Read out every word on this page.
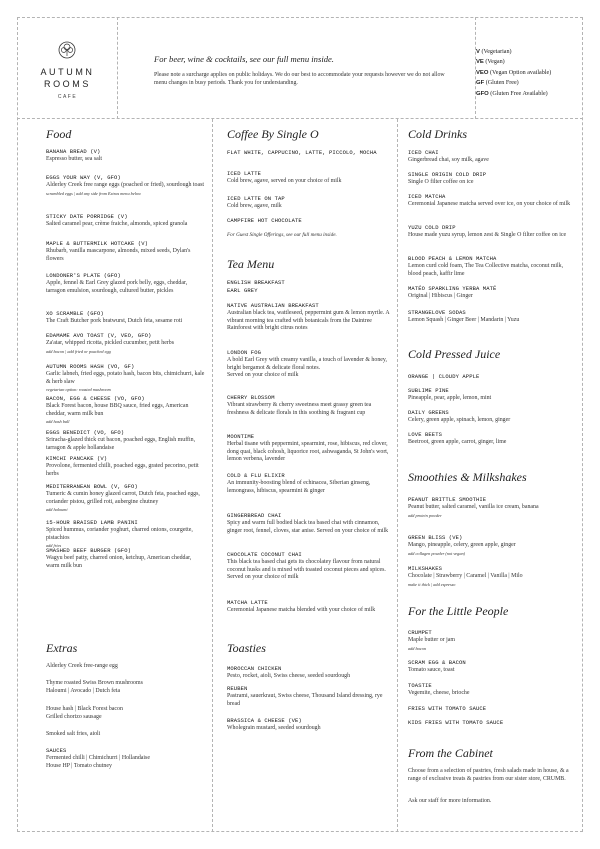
AUTUMN
ROOMS
CAFE
For beer, wine & cocktails, see our full menu inside.
Please note a surcharge applies on public holidays. We do our best to accommodate your requests however we do not allow menu changes in busy periods. Thank you for understanding.
V (Vegetarian)
VE (Vegan)
VEO (Vegan Option available)
GF (Gluten Free)
GFO (Gluten Free Available)
Food
BANANA BREAD (V)
Espresso butter, sea salt
EGGS YOUR WAY (V, GFO)
Alderley Creek free range eggs (poached or fried), sourdough toast
scrambled eggs | add any side from Extras menu below
STICKY DATE PORRIDGE (V)
Salted caramel pear, crème fraiche, almonds, spiced granola
MAPLE & BUTTERMILK HOTCAKE (V)
Rhubarb, vanilla mascarpone, almonds, mixed seeds, Dylan's flowers
LONDONER'S PLATE (GFO)
Apple, fennel & Earl Grey glazed pork belly, eggs, cheddar, tarragon emulsion, sourdough, cultured butter, pickles
XO SCRAMBLE (GFO)
The Craft Butcher pork bratwurst, Dutch feta, sesame roti
EDAMAME AVO TOAST (V, VEO, GFO)
Za'atar, whipped ricotta, pickled cucumber, petit herbs
add bacon | add fried or poached egg
AUTUMN ROOMS HASH (VO, GF)
Garlic labneh, fried eggs, potato hash, bacon bits, chimichurri, kale & herb slaw
vegetarian option: roasted mushroom
BACON, EGG & CHEESE (VO, GFO)
Black Forest bacon, house BBQ sauce, fried eggs, American cheddar, warm milk bun
add hash ball
EGGS BENEDICT (VO, GFO)
Sriracha-glazed thick cut bacon, poached eggs, English muffin, tarragon & apple hollandaise
KIMCHI PANCAKE (V)
Provolone, fermented chilli, poached eggs, grated pecorino, petit herbs
MEDITERRANEAN BOWL (V, GFO)
Tumeric & cumin honey glazed carrot, Dutch feta, poached eggs, coriander pistou, grilled roti, aubergine chutney
add haloumi
15-HOUR BRAISED LAMB PANINI
Spiced hummus, coriander yoghurt, charred onions, courgette, pistachios
add fries
SMASHED BEEF BURGER (GFO)
Wagyu beef patty, charred onion, ketchup, American cheddar, warm milk bun
Extras
Alderley Creek free-range egg
Thyme roasted Swiss Brown mushrooms
Haloumi | Avocado | Dutch feta
House hash | Black Forest bacon
Grilled chorizo sausage
Smoked salt fries, aioli
SAUCES
Fermented chilli | Chimichurri | Hollandaise
House HP | Tomato chutney
Coffee By Single O
FLAT WHITE, CAPPUCINO, LATTE, PICCOLO, MOCHA
ICED LATTE
Cold brew, agave, served on your choice of milk
ICED LATTE ON TAP
Cold brew, agave, milk
CAMPFIRE HOT CHOCOLATE
For Guest Single Offerings, see our full menu inside.
Tea Menu
ENGLISH BREAKFAST
EARL GREY
NATIVE AUSTRALIAN BREAKFAST
Australian black tea, wattleseed, peppermint gum & lemon myrtle. A vibrant morning tea crafted with botanicals from the Daintree Rainforest with bright citrus notes
LONDON FOG
A bold Earl Grey with creamy vanilla, a touch of lavender & honey, bright bergamot & delicate floral notes.
Served on your choice of milk
CHERRY BLOSSOM
Vibrant strawberry & cherry sweetness meet grassy green tea freshness & delicate florals in this soothing & fragrant cup
MOONTIME
Herbal tisane with peppermint, spearmint, rose, hibiscus, red clover, dong quai, black cohosh, liquorice root, ashwaganda, St John's wort, lemon verbena, lavender
COLD & FLU ELIXIR
An immunity-boosting blend of echinacea, Siberian ginseng, lemongrass, hibiscus, spearmint & ginger
GINGERBREAD CHAI
Spicy and warm full bodied black tea based chai with cinnamon, ginger root, fennel, cloves, star anise. Served on your choice of milk
CHOCOLATE COCONUT CHAI
This black tea based chai gets its chocolatey flavour from natural coconut husks and is mixed with toasted coconut pieces and spices. Served on your choice of milk
MATCHA LATTE
Ceremonial Japanese matcha blended with your choice of milk
Toasties
MOROCCAN CHICKEN
Pesto, rocket, aioli, Swiss cheese, seeded sourdough
REUBEN
Pastrami, sauerkraut, Swiss cheese, Thousand Island dressing, rye bread
BRASSICA & CHEESE (VE)
Wholegrain mustard, seeded sourdough
Cold Drinks
ICED CHAI
Gingerbread chai, soy milk, agave
SINGLE ORIGIN COLD DRIP
Single O filter coffee on ice
ICED MATCHA
Ceremonial Japanese matcha served over ice, on your choice of milk
YUZU COLD DRIP
House made yuzu syrup, lemon zest & Single O filter coffee on ice
BLOOD PEACH & LEMON MATCHA
Lemon curd cold foam, The Tea Collective matcha, coconut milk, blood peach, kaffir lime
MATÉO SPARKLING YERBA MATÉ
Original | Hibiscus | Ginger
STRANGELOVE SODAS
Lemon Squash | Ginger Beer | Mandarin | Yuzu
Cold Pressed Juice
ORANGE | CLOUDY APPLE
SUBLIME PINE
Pineapple, pear, apple, lemon, mint
DAILY GREENS
Celery, green apple, spinach, lemon, ginger
LOVE BEETS
Beetroot, green apple, carrot, ginger, lime
Smoothies & Milkshakes
PEANUT BRITTLE SMOOTHIE
Peanut butter, salted caramel, vanilla ice cream, banana
add protein powder
GREEN BLISS (VE)
Mango, pineapple, celery, green apple, ginger
add collagen powder (not vegan)
MILKSHAKES
Chocolate | Strawberry | Caramel | Vanilla | Milo
make it thick | add espresso
For the Little People
CRUMPET
Maple butter or jam
add bacon
SCRAM EGG & BACON
Tomato sauce, toast
TOASTIE
Vegemite, cheese, brioche
FRIES WITH TOMATO SAUCE
KIDS FRIES WITH TOMATO SAUCE
From the Cabinet
Choose from a selection of pastries, fresh salads made in house, & a range of exclusive treats & pastries from our sister store, CRUMB.
Ask our staff for more information.
